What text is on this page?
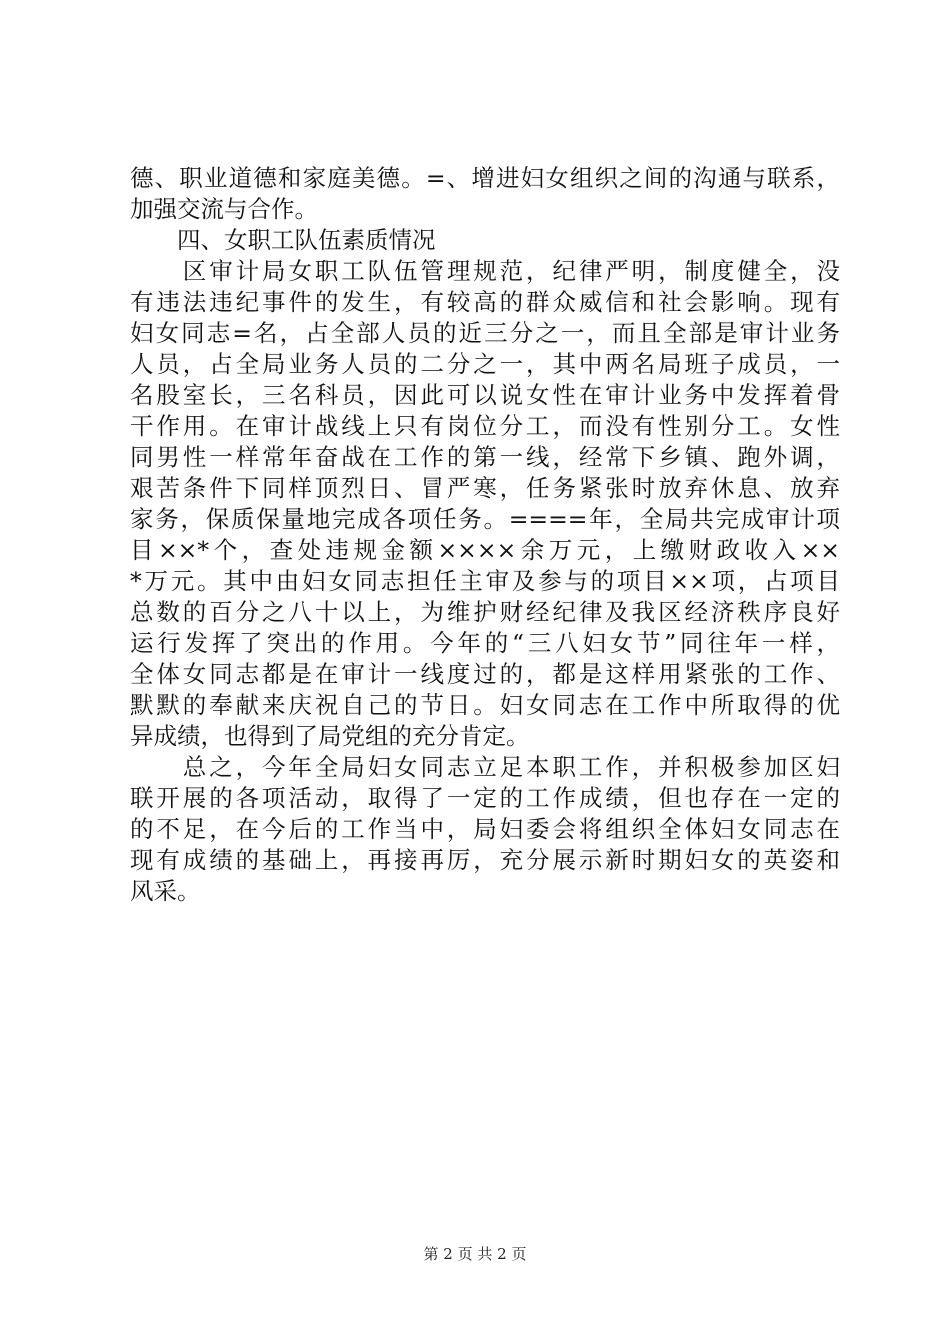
德、职业道德和家庭美德。=、增进妇女组织之间的沟通与联系，
加强交流与合作。
　　四、女职工队伍素质情况
　　区审计局女职工队伍管理规范，纪律严明，制度健全，没
有违法违纪事件的发生，有较高的群众威信和社会影响。现有
妇女同志=名，占全部人员的近三分之一，而且全部是审计业务
人员，占全局业务人员的二分之一，其中两名局班子成员，一
名股室长，三名科员，因此可以说女性在审计业务中发挥着骨
干作用。在审计战线上只有岗位分工，而没有性别分工。女性
同男性一样常年奋战在工作的第一线，经常下乡镇、跑外调，
艰苦条件下同样顶烈日、冒严寒，任务紧张时放弃休息、放弃
家务，保质保量地完成各项任务。====年，全局共完成审计项
目××*个，查处违规金额××××余万元，上缴财政收入××
*万元。其中由妇女同志担任主审及参与的项目××项，占项目
总数的百分之八十以上，为维护财经纪律及我区经济秩序良好
运行发挥了突出的作用。今年的“三八妇女节”同往年一样，
全体女同志都是在审计一线度过的，都是这样用紧张的工作、
默默的奉献来庆祝自己的节日。妇女同志在工作中所取得的优
异成绩，也得到了局党组的充分肯定。
　　总之，今年全局妇女同志立足本职工作，并积极参加区妇
联开展的各项活动，取得了一定的工作成绩，但也存在一定的
的不足，在今后的工作当中，局妇委会将组织全体妇女同志在
现有成绩的基础上，再接再厉，充分展示新时期妇女的英姿和
风采。
第 2 页 共 2 页
